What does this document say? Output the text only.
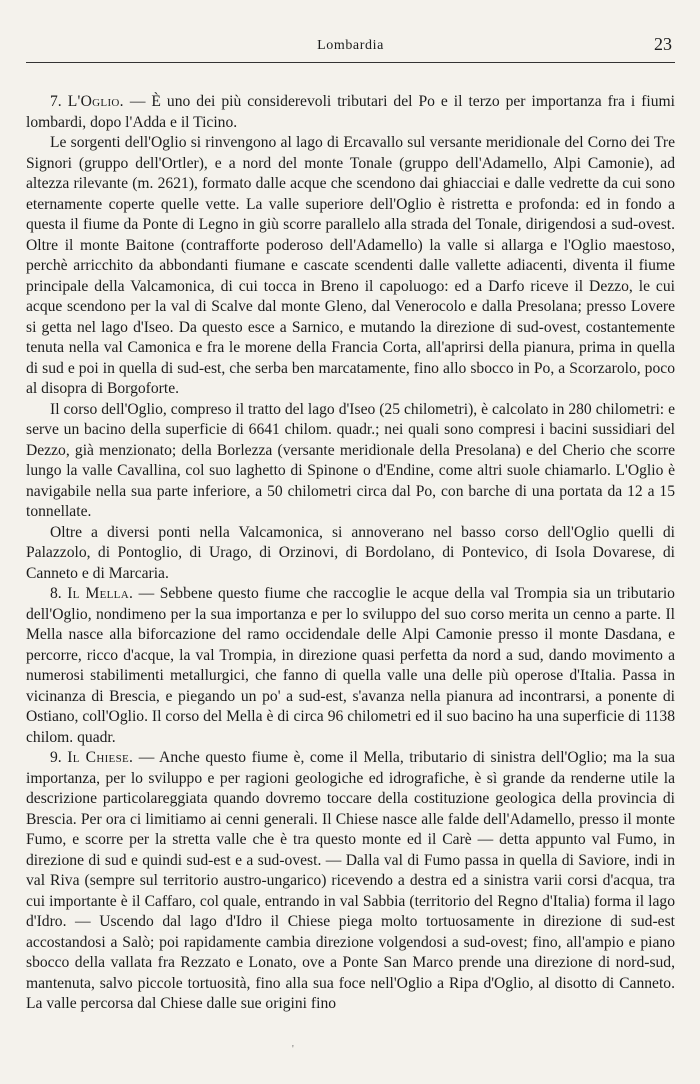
Lombardia	23

7. L'Oglio. — È uno dei più considerevoli tributari del Po e il terzo per importanza fra i fiumi lombardi, dopo l'Adda e il Ticino.

Le sorgenti dell'Oglio si rinvengono al lago di Ercavallo sul versante meridionale del Corno dei Tre Signori (gruppo dell'Ortler), e a nord del monte Tonale (gruppo dell'Adamello, Alpi Camonie), ad altezza rilevante (m. 2621), formato dalle acque che scendono dai ghiacciai e dalle vedrette da cui sono eternamente coperte quelle vette. La valle superiore dell'Oglio è ristretta e profonda: ed in fondo a questa il fiume da Ponte di Legno in giù scorre parallelo alla strada del Tonale, dirigendosi a sud-ovest. Oltre il monte Baitone (contrafforte poderoso dell'Adamello) la valle si allarga e l'Oglio maestoso, perchè arricchito da abbondanti fiumane e cascate scendenti dalle vallette adiacenti, diventa il fiume principale della Valcamonica, di cui tocca in Breno il capoluogo: ed a Darfo riceve il Dezzo, le cui acque scendono per la val di Scalve dal monte Gleno, dal Venerocolo e dalla Presolana; presso Lovere si getta nel lago d'Iseo. Da questo esce a Sarnico, e mutando la direzione di sud-ovest, costantemente tenuta nella val Camonica e fra le morene della Francia Corta, all'aprirsi della pianura, prima in quella di sud e poi in quella di sud-est, che serba ben marcatamente, fino allo sbocco in Po, a Scorzarolo, poco al disopra di Borgoforte.

Il corso dell'Oglio, compreso il tratto del lago d'Iseo (25 chilometri), è calcolato in 280 chilometri: e serve un bacino della superficie di 6641 chilom. quadr.; nei quali sono compresi i bacini sussidiari del Dezzo, già menzionato; della Borlezza (versante meridionale della Presolana) e del Cherio che scorre lungo la valle Cavallina, col suo laghetto di Spinone o d'Endine, come altri suole chiamarlo. L'Oglio è navigabile nella sua parte inferiore, a 50 chilometri circa dal Po, con barche di una portata da 12 a 15 tonnellate.

Oltre a diversi ponti nella Valcamonica, si annoverano nel basso corso dell'Oglio quelli di Palazzolo, di Pontoglio, di Urago, di Orzinovi, di Bordolano, di Pontevico, di Isola Dovarese, di Canneto e di Marcaria.

8. Il Mella. — Sebbene questo fiume che raccoglie le acque della val Trompia sia un tributario dell'Oglio, nondimeno per la sua importanza e per lo sviluppo del suo corso merita un cenno a parte. Il Mella nasce alla biforcazione del ramo occidendale delle Alpi Camonie presso il monte Dasdana, e percorre, ricco d'acque, la val Trompia, in direzione quasi perfetta da nord a sud, dando movimento a numerosi stabilimenti metallurgici, che fanno di quella valle una delle più operose d'Italia. Passa in vicinanza di Brescia, e piegando un po' a sud-est, s'avanza nella pianura ad incontrarsi, a ponente di Ostiano, coll'Oglio. Il corso del Mella è di circa 96 chilometri ed il suo bacino ha una superficie di 1138 chilom. quadr.

9. Il Chiese. — Anche questo fiume è, come il Mella, tributario di sinistra dell'Oglio; ma la sua importanza, per lo sviluppo e per ragioni geologiche ed idrografiche, è sì grande da renderne utile la descrizione particolareggiata quando dovremo toccare della costituzione geologica della provincia di Brescia. Per ora ci limitiamo ai cenni generali. Il Chiese nasce alle falde dell'Adamello, presso il monte Fumo, e scorre per la stretta valle che è tra questo monte ed il Carè — detta appunto val Fumo, in direzione di sud e quindi sud-est e a sud-ovest. — Dalla val di Fumo passa in quella di Saviore, indi in val Riva (sempre sul territorio austro-ungarico) ricevendo a destra ed a sinistra varii corsi d'acqua, tra cui importante è il Caffaro, col quale, entrando in val Sabbia (territorio del Regno d'Italia) forma il lago d'Idro. — Uscendo dal lago d'Idro il Chiese piega molto tortuosamente in direzione di sud-est accostandosi a Salò; poi rapidamente cambia direzione volgendosi a sud-ovest; fino, all'ampio e piano sbocco della vallata fra Rezzato e Lonato, ove a Ponte San Marco prende una direzione di nord-sud, mantenuta, salvo piccole tortuosità, fino alla sua foce nell'Oglio a Ripa d'Oglio, al disotto di Canneto. La valle percorsa dal Chiese dalle sue origini fino

'
